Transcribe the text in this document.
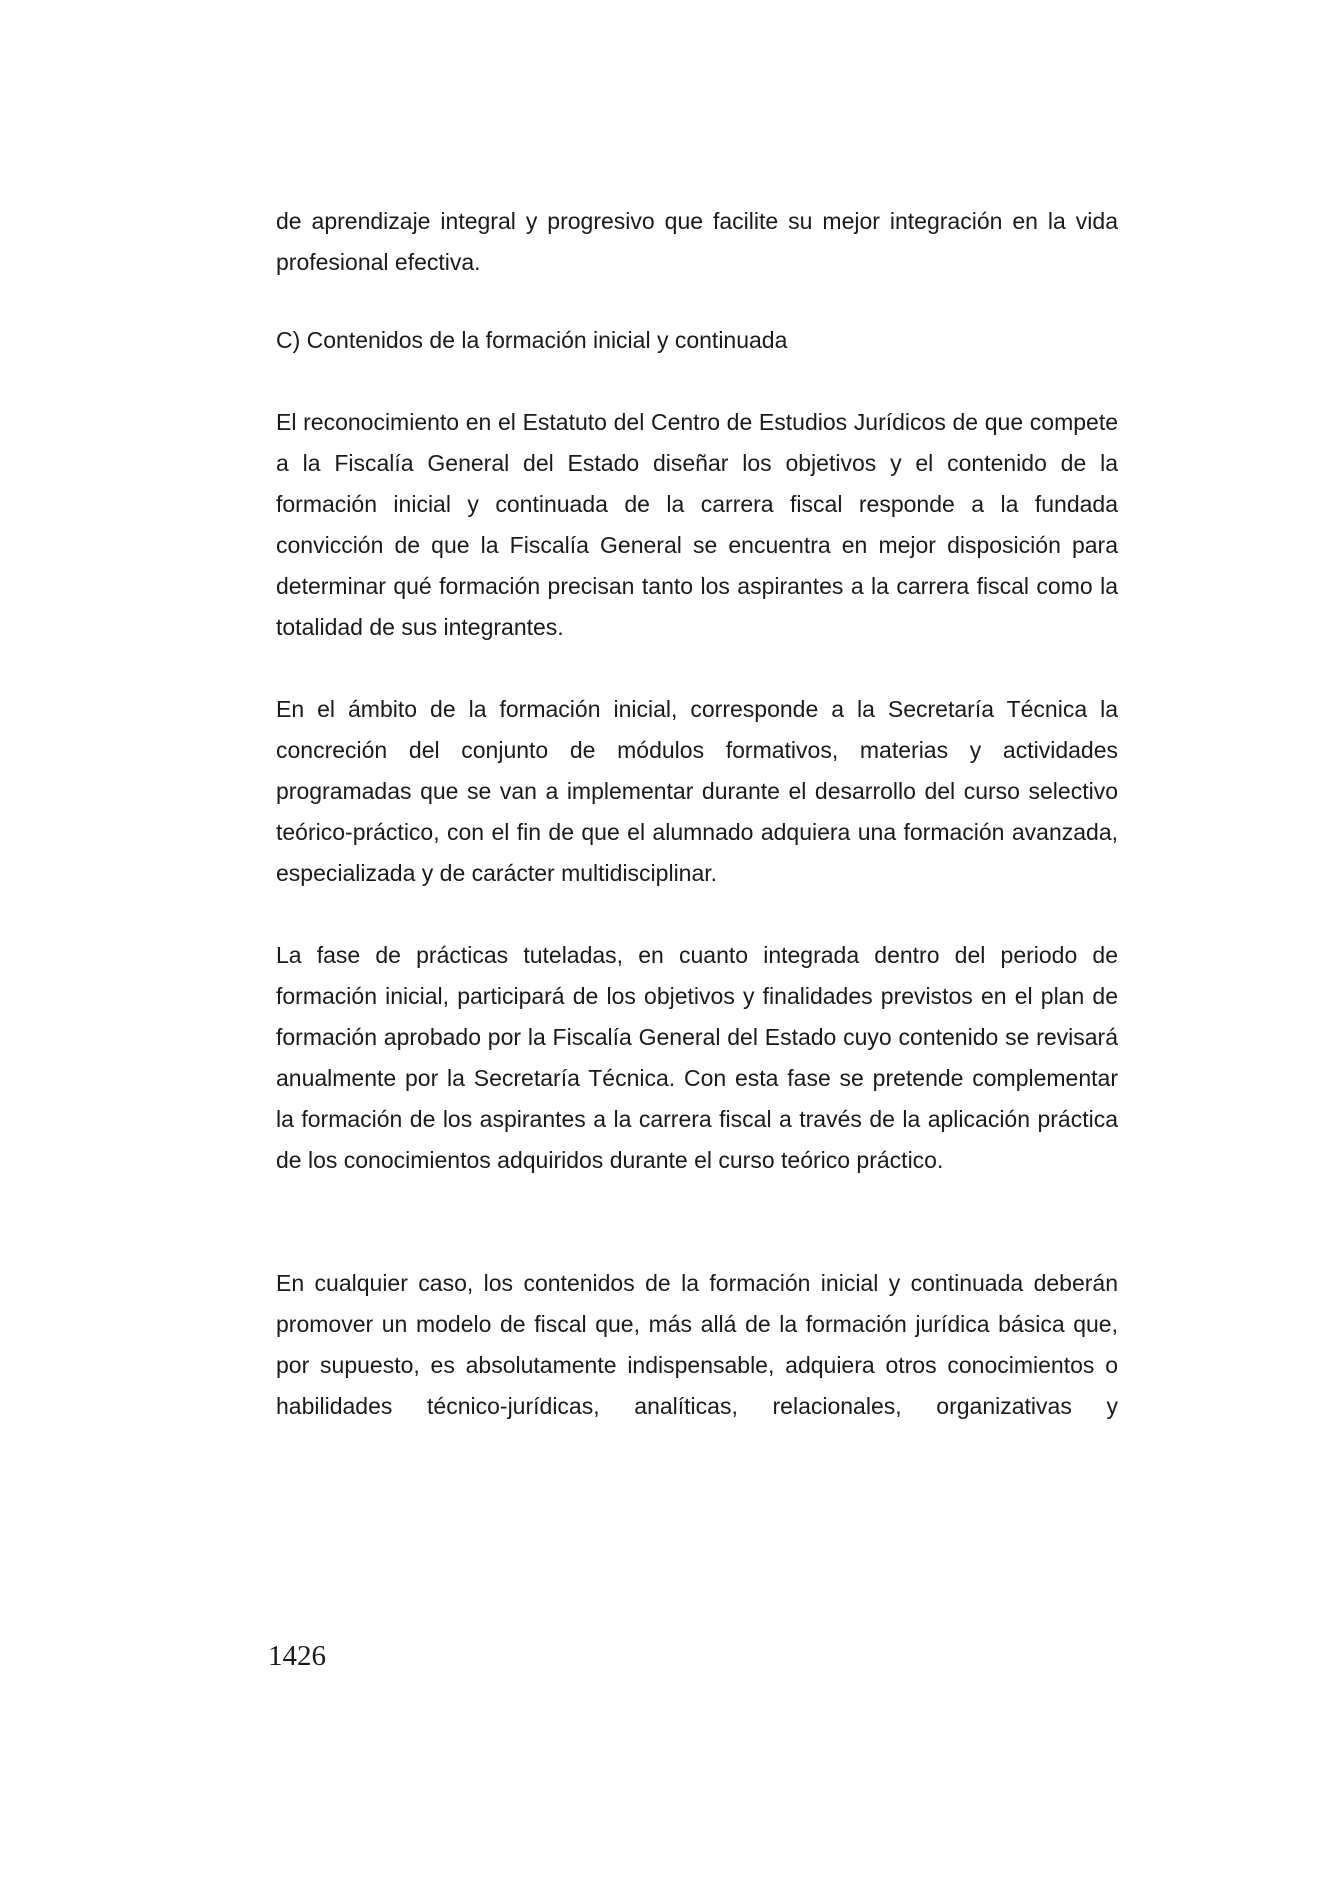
de aprendizaje integral y progresivo que facilite su mejor integración en la vida profesional efectiva.

C) Contenidos de la formación inicial y continuada

El reconocimiento en el Estatuto del Centro de Estudios Jurídicos de que compete a la Fiscalía General del Estado diseñar los objetivos y el contenido de la formación inicial y continuada de la carrera fiscal responde a la fundada convicción de que la Fiscalía General se encuentra en mejor disposición para determinar qué formación precisan tanto los aspirantes a la carrera fiscal como la totalidad de sus integrantes.

En el ámbito de la formación inicial, corresponde a la Secretaría Técnica la concreción del conjunto de módulos formativos, materias y actividades programadas que se van a implementar durante el desarrollo del curso selectivo teórico-práctico, con el fin de que el alumnado adquiera una formación avanzada, especializada y de carácter multidisciplinar.

La fase de prácticas tuteladas, en cuanto integrada dentro del periodo de formación inicial, participará de los objetivos y finalidades previstos en el plan de formación aprobado por la Fiscalía General del Estado cuyo contenido se revisará anualmente por la Secretaría Técnica. Con esta fase se pretende complementar la formación de los aspirantes a la carrera fiscal a través de la aplicación práctica de los conocimientos adquiridos durante el curso teórico práctico.

En cualquier caso, los contenidos de la formación inicial y continuada deberán promover un modelo de fiscal que, más allá de la formación jurídica básica que, por supuesto, es absolutamente indispensable, adquiera otros conocimientos o habilidades técnico-jurídicas, analíticas, relacionales, organizativas y

1426
